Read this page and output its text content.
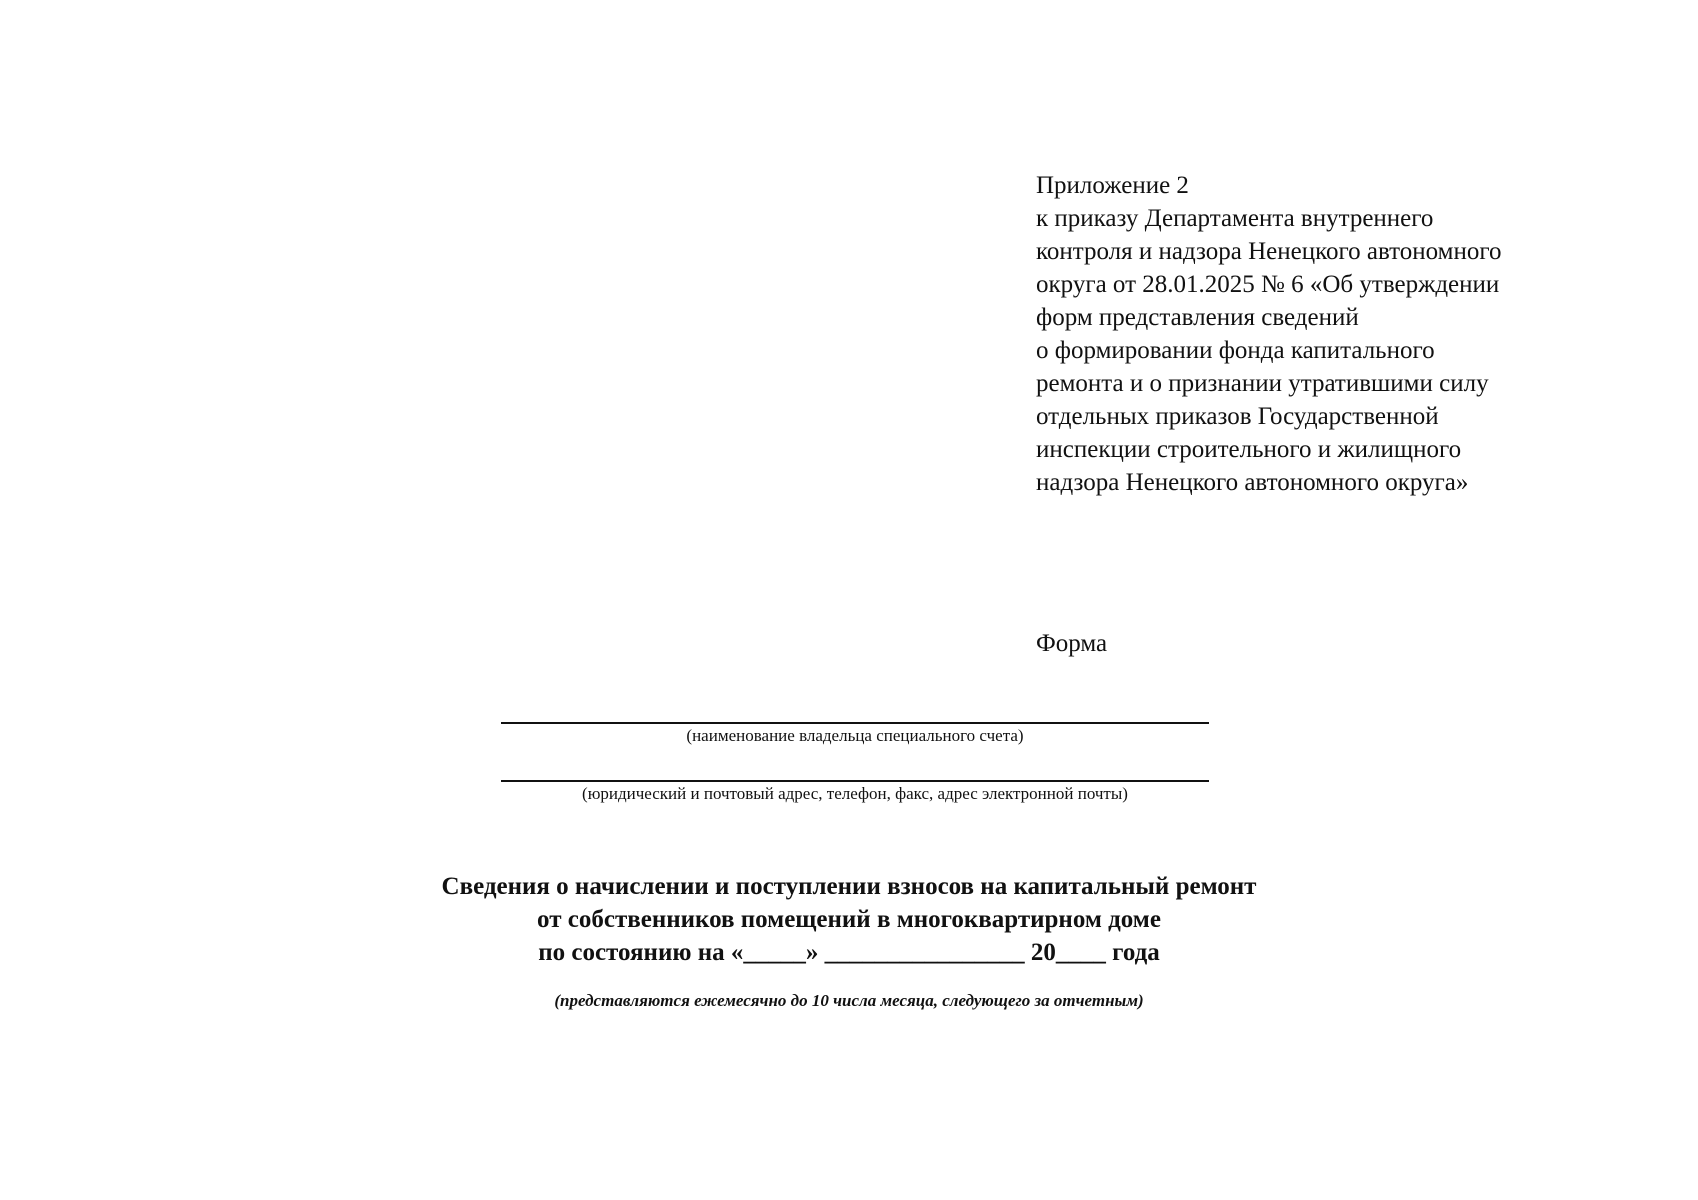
Приложение 2
к приказу Департамента внутреннего
контроля и надзора Ненецкого автономного
округа от 28.01.2025 № 6 «Об утверждении
форм представления сведений
о формировании фонда капитального
ремонта и о признании утратившими силу
отдельных приказов Государственной
инспекции строительного и жилищного
надзора Ненецкого автономного округа»
Форма
(наименование владельца специального счета)
(юридический и почтовый адрес, телефон, факс, адрес электронной почты)
Сведения о начислении и поступлении взносов на капитальный ремонт
от собственников помещений в многоквартирном доме
по состоянию на «_____» ________________ 20____ года
(представляются ежемесячно до 10 числа месяца, следующего за отчетным)
